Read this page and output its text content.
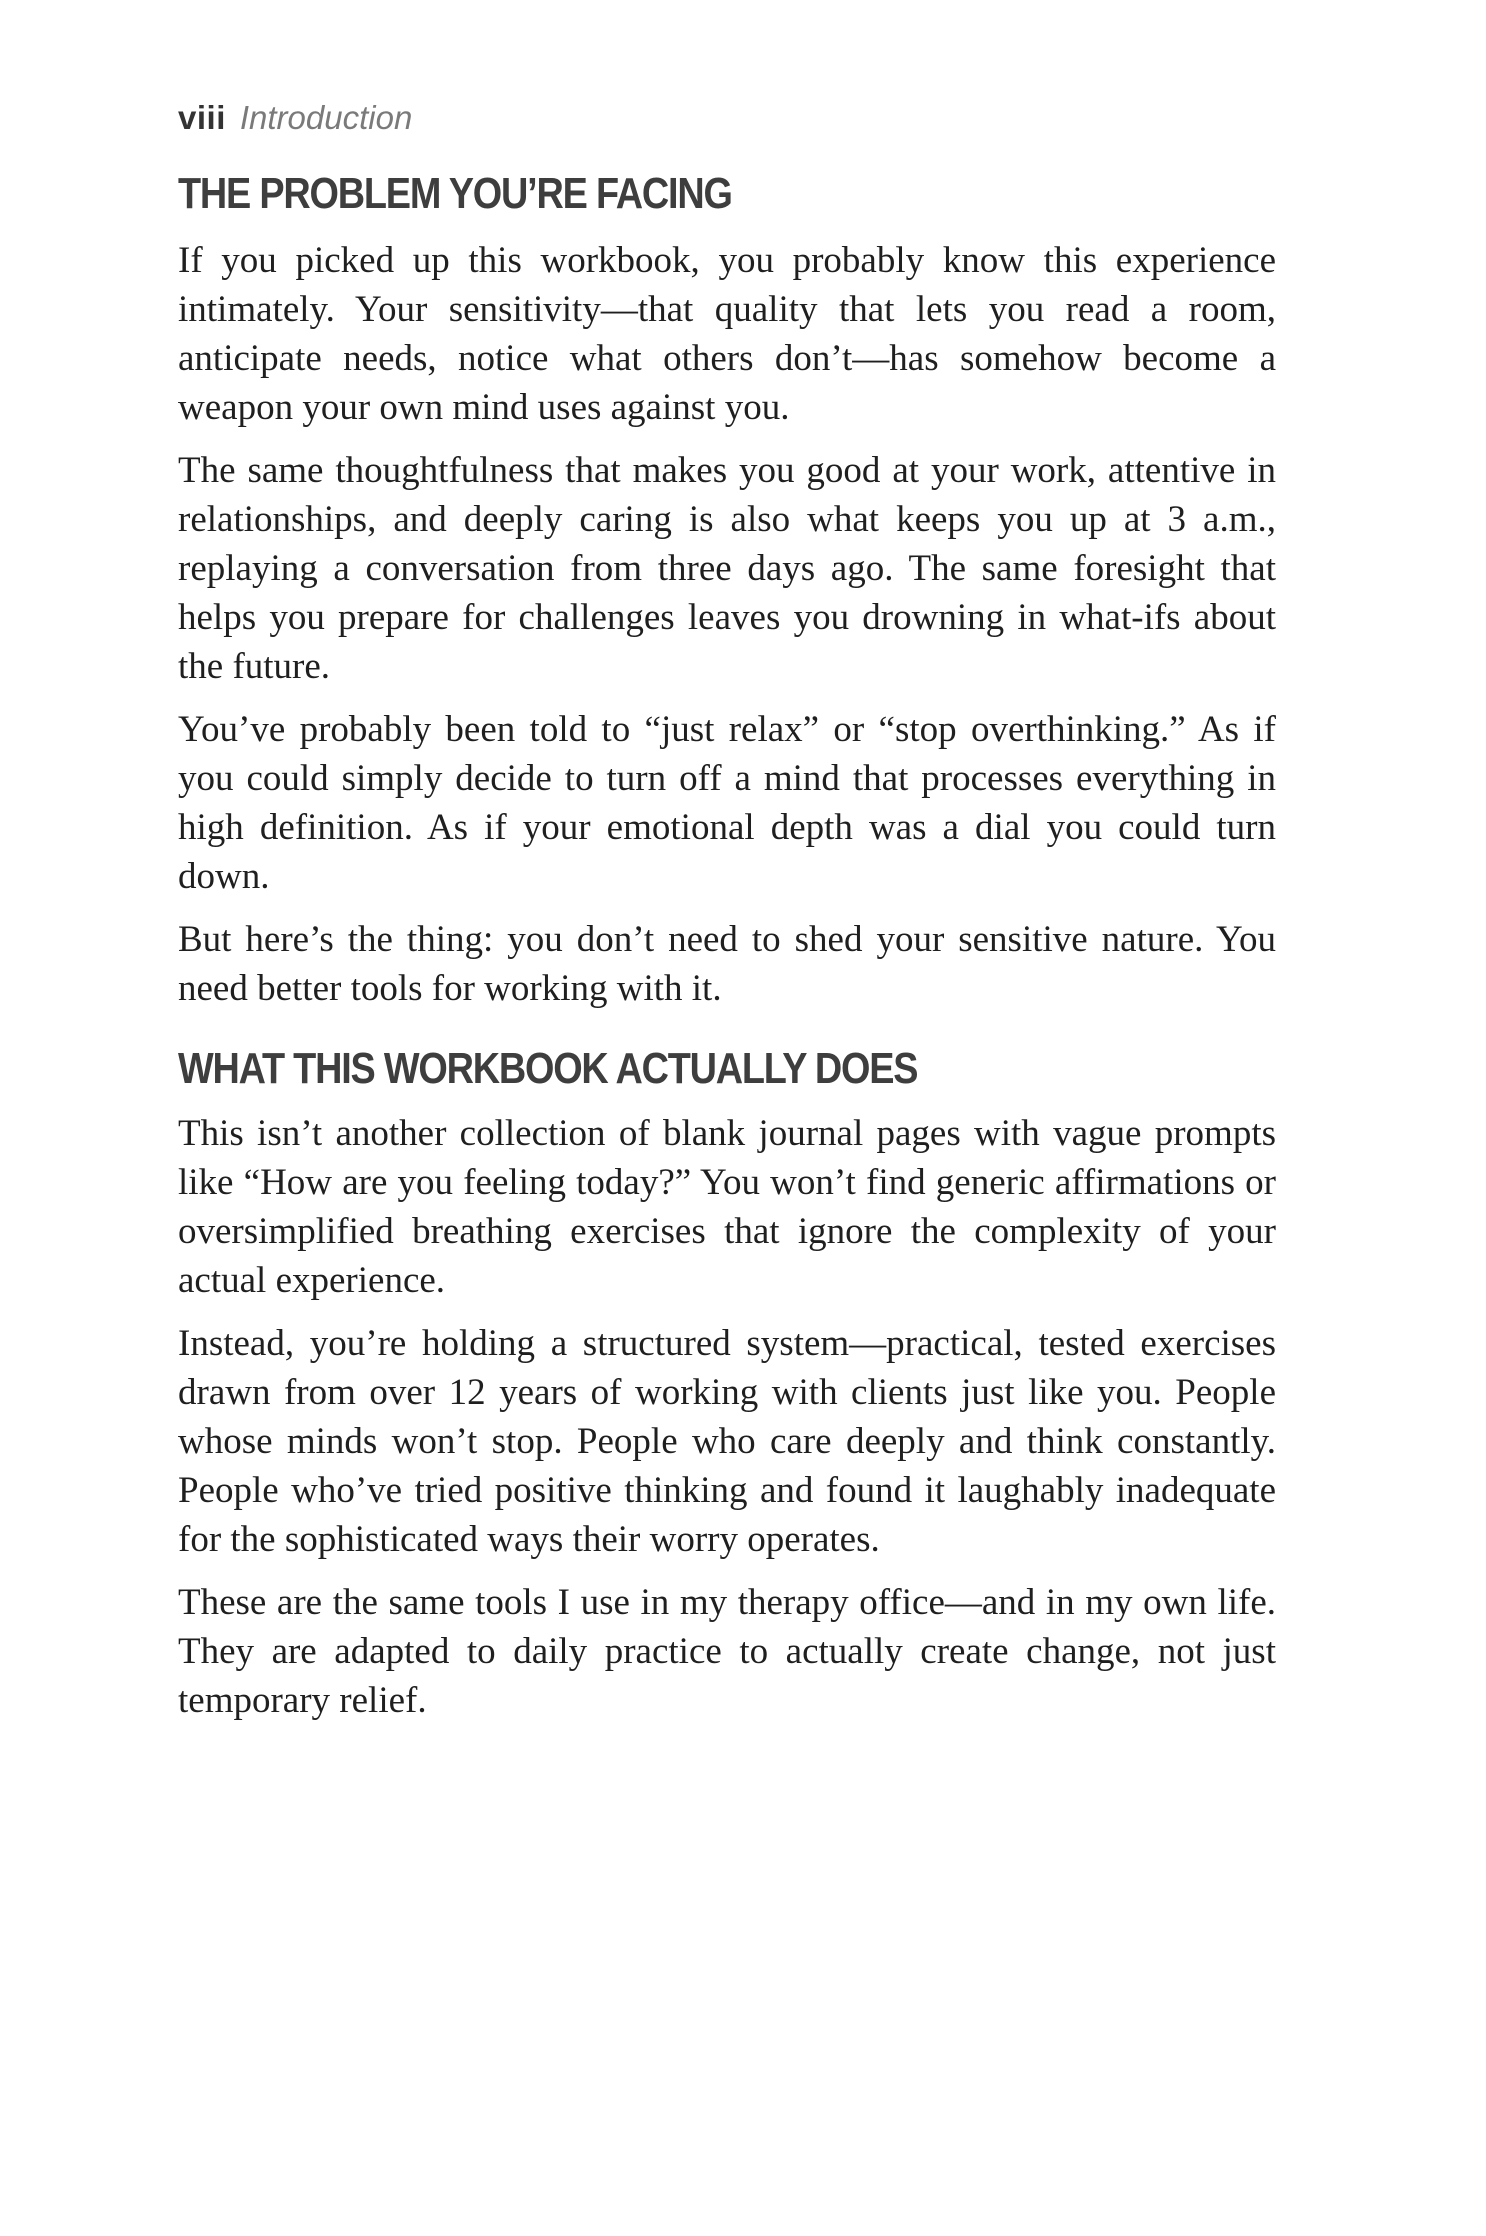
viii Introduction
THE PROBLEM YOU’RE FACING

If you picked up this workbook, you probably know this experience intimately. Your sensitivity—that quality that lets you read a room, anticipate needs, notice what others don’t—has somehow become a weapon your own mind uses against you.

The same thoughtfulness that makes you good at your work, attentive in relationships, and deeply caring is also what keeps you up at 3 a.m., replaying a conversation from three days ago. The same foresight that helps you prepare for challenges leaves you drowning in what-ifs about the future.

You’ve probably been told to “just relax” or “stop overthinking.” As if you could simply decide to turn off a mind that processes everything in high definition. As if your emotional depth was a dial you could turn down.

But here’s the thing: you don’t need to shed your sensitive nature. You need better tools for working with it.

WHAT THIS WORKBOOK ACTUALLY DOES

This isn’t another collection of blank journal pages with vague prompts like “How are you feeling today?” You won’t find generic affirmations or oversimplified breathing exercises that ignore the complexity of your actual experience.

Instead, you’re holding a structured system—practical, tested exercises drawn from over 12 years of working with clients just like you. People whose minds won’t stop. People who care deeply and think constantly. People who’ve tried positive thinking and found it laughably inadequate for the sophisticated ways their worry operates.

These are the same tools I use in my therapy office—and in my own life. They are adapted to daily practice to actually create change, not just temporary relief.
